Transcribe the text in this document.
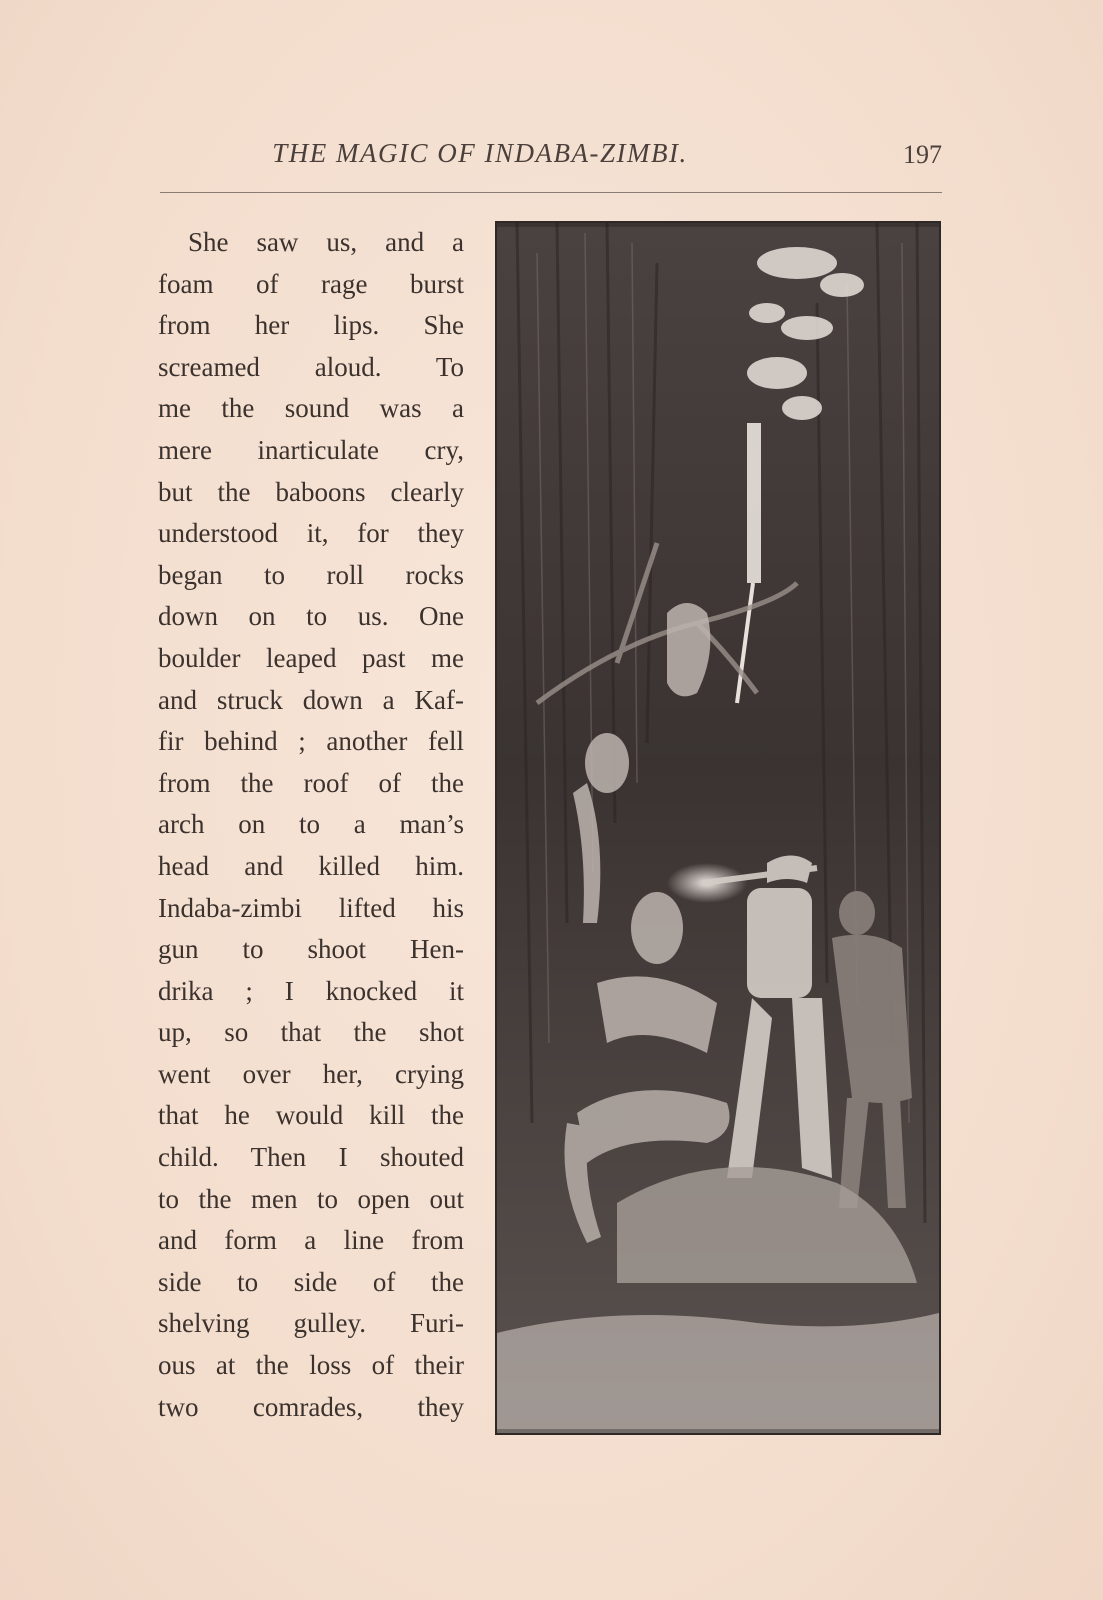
THE MAGIC OF INDABA-ZIMBI.	197
She saw us, and a
foam of rage burst
from her lips. She
screamed aloud. To
me the sound was a
mere inarticulate cry,
but the baboons clearly
understood it, for they
began to roll rocks
down on to us. One
boulder leaped past me
and struck down a Kaf-
fir behind ; another fell
from the roof of the
arch on to a man’s
head and killed him.
Indaba-zimbi lifted his
gun to shoot Hen-
drika ; I knocked it
up, so that the shot
went over her, crying
that he would kill the
child. Then I shouted
to the men to open out
and form a line from
side to side of the
shelving gulley. Furi-
ous at the loss of their
two comrades, they
